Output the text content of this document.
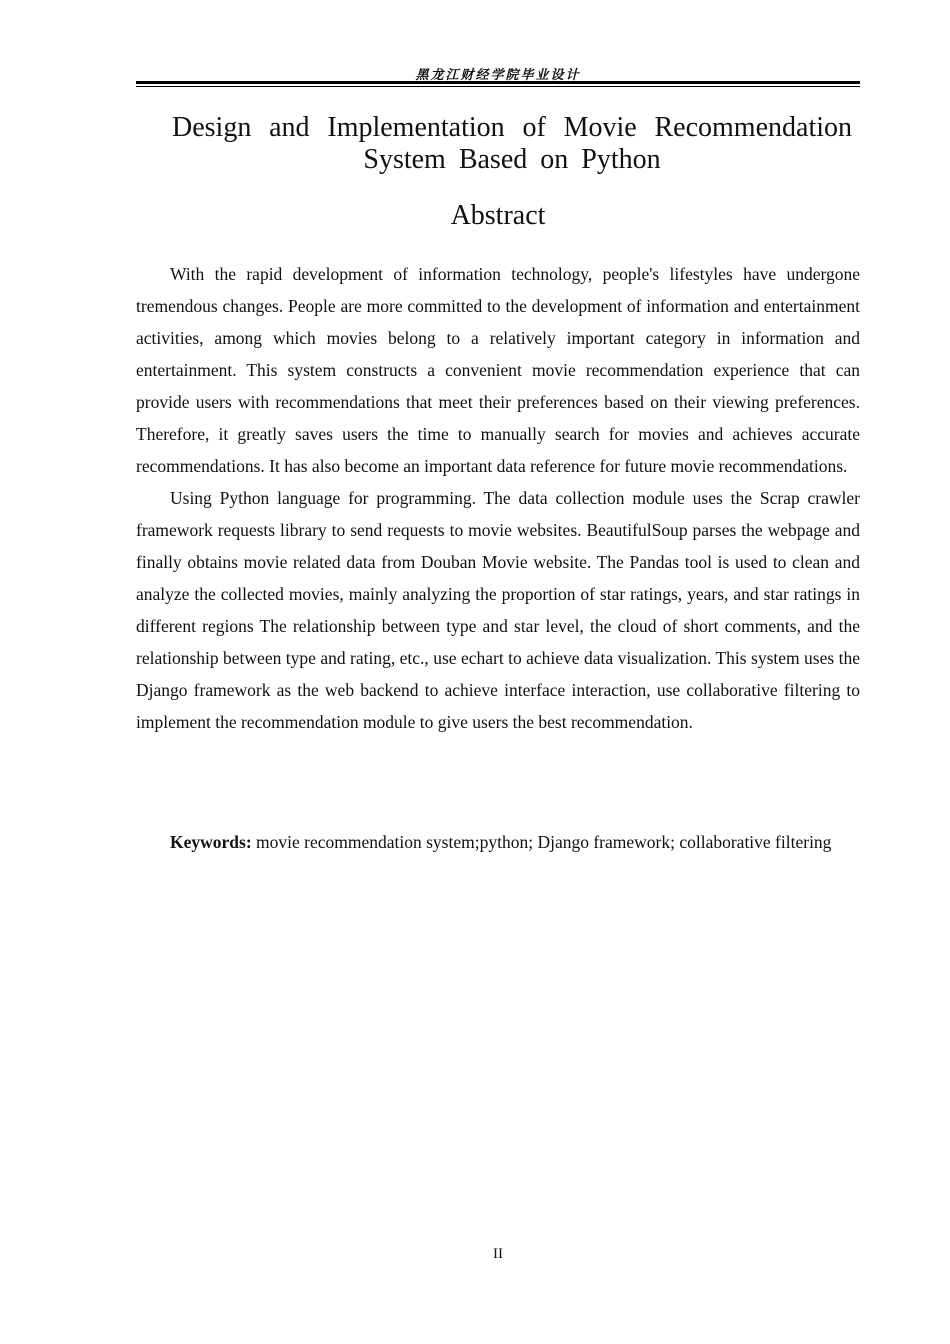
黑龙江财经学院毕业设计
Design and Implementation of Movie Recommendation System Based on Python
Abstract

With the rapid development of information technology, people's lifestyles have undergone tremendous changes. People are more committed to the development of information and entertainment activities, among which movies belong to a relatively important category in information and entertainment. This system constructs a convenient movie recommendation experience that can provide users with recommendations that meet their preferences based on their viewing preferences. Therefore, it greatly saves users the time to manually search for movies and achieves accurate recommendations. It has also become an important data reference for future movie recommendations.

Using Python language for programming. The data collection module uses the Scrap crawler framework requests library to send requests to movie websites. BeautifulSoup parses the webpage and finally obtains movie related data from Douban Movie website. The Pandas tool is used to clean and analyze the collected movies, mainly analyzing the proportion of star ratings, years, and star ratings in different regions The relationship between type and star level, the cloud of short comments, and the relationship between type and rating, etc., use echart to achieve data visualization. This system uses the Django framework as the web backend to achieve interface interaction, use collaborative filtering to implement the recommendation module to give users the best recommendation.

Keywords: movie recommendation system;python; Django framework; collaborative filtering

II
